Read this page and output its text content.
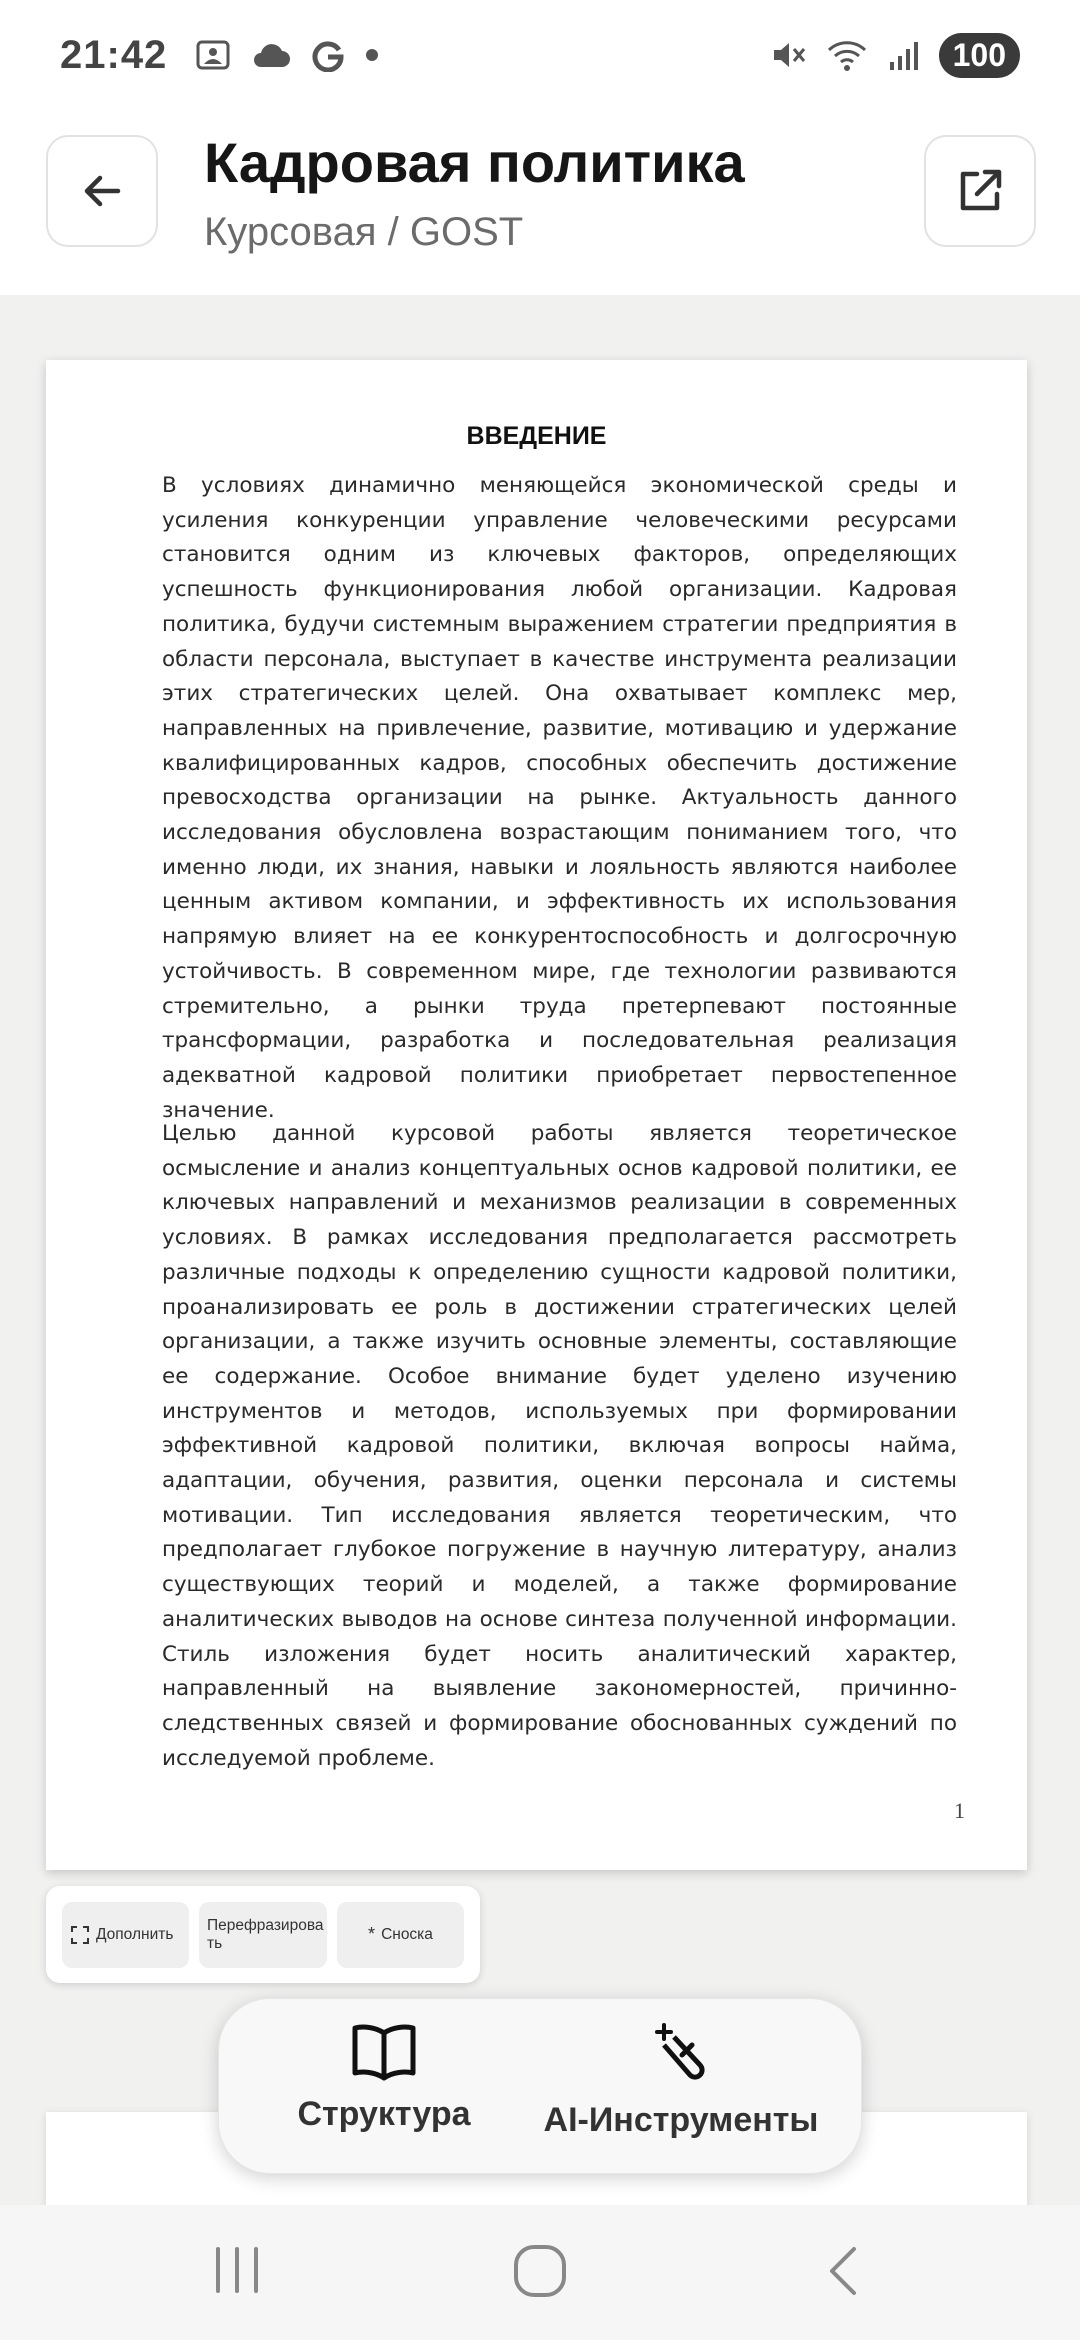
21:42	100
Кадровая политика
Курсовая / GOST
ВВЕДЕНИЕ

В условиях динамично меняющейся экономической среды и усиления конкуренции управление человеческими ресурсами становится одним из ключевых факторов, определяющих успешность функционирования любой организации. Кадровая политика, будучи системным выражением стратегии предприятия в области персонала, выступает в качестве инструмента реализации этих стратегических целей. Она охватывает комплекс мер, направленных на привлечение, развитие, мотивацию и удержание квалифицированных кадров, способных обеспечить достижение превосходства организации на рынке. Актуальность данного исследования обусловлена возрастающим пониманием того, что именно люди, их знания, навыки и лояльность являются наиболее ценным активом компании, и эффективность их использования напрямую влияет на ее конкурентоспособность и долгосрочную устойчивость. В современном мире, где технологии развиваются стремительно, а рынки труда претерпевают постоянные трансформации, разработка и последовательная реализация адекватной кадровой политики приобретает первостепенное значение.

Целью данной курсовой работы является теоретическое осмысление и анализ концептуальных основ кадровой политики, ее ключевых направлений и механизмов реализации в современных условиях. В рамках исследования предполагается рассмотреть различные подходы к определению сущности кадровой политики, проанализировать ее роль в достижении стратегических целей организации, а также изучить основные элементы, составляющие ее содержание. Особое внимание будет уделено изучению инструментов и методов, используемых при формировании эффективной кадровой политики, включая вопросы найма, адаптации, обучения, развития, оценки персонала и системы мотивации. Тип исследования является теоретическим, что предполагает глубокое погружение в научную литературу, анализ существующих теорий и моделей, а также формирование аналитических выводов на основе синтеза полученной информации. Стиль изложения будет носить аналитический характер, направленный на выявление закономерностей, причинно-следственных связей и формирование обоснованных суждений по исследуемой проблеме.

1
Дополнить
Перефразирова ть	* Сноска
Структура AI-Инструменты
